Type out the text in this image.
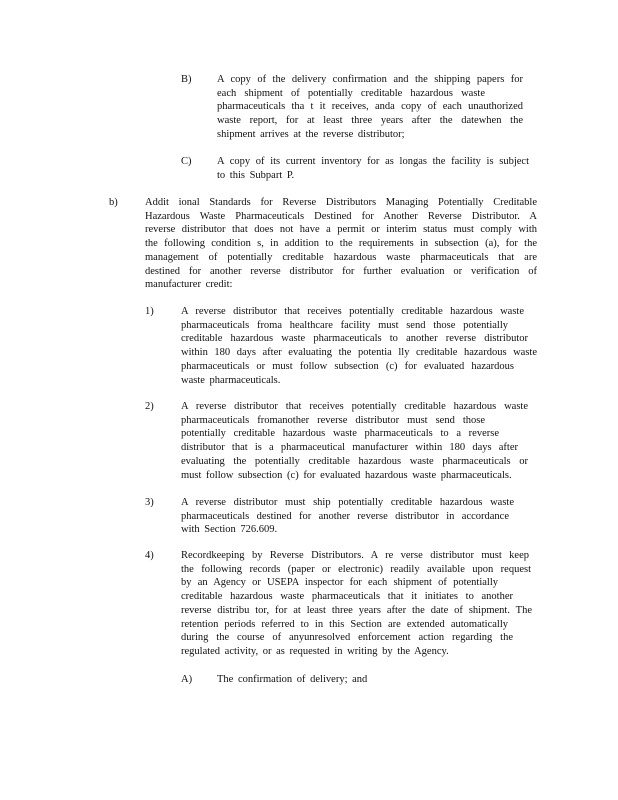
B) A copy of the delivery confirmation and the shipping papers for
each shipment of potentially creditable hazardous waste
pharmaceuticals tha t it receives, anda copy of each unauthorized
waste report, for at least three years after the datewhen the
shipment arrives at the reverse distributor;
C) A copy of its current inventory for as longas the facility is subject
to this Subpart P.
b)	Addit ional Standards for Reverse Distributors Managing Potentially Creditable
Hazardous Waste Pharmaceuticals Destined for Another Reverse Distributor. A
reverse distributor that does not have a permit or interim status must comply with
the following condition s, in addition to the requirements in subsection (a), for the
management of potentially creditable hazardous waste pharmaceuticals that are
destined for another reverse distributor for further evaluation or verification of
manufacturer credit:
1)	A reverse distributor that receives potentially creditable hazardous waste
pharmaceuticals froma healthcare facility must send those potentially
creditable hazardous waste pharmaceuticals to another reverse distributor
within 180 days after evaluating the potentia lly creditable hazardous waste
pharmaceuticals or must follow subsection (c) for evaluated hazardous
waste pharmaceuticals.
2)	A reverse distributor that receives potentially creditable hazardous waste
pharmaceuticals fromanother reverse distributor must send those
potentially creditable hazardous waste pharmaceuticals to a reverse
distributor that is a pharmaceutical manufacturer within 180 days after
evaluating the potentially creditable hazardous waste pharmaceuticals or
must follow subsection (c) for evaluated hazardous waste pharmaceuticals.
3)	A reverse distributor must ship potentially creditable hazardous waste
pharmaceuticals destined for another reverse distributor in accordance
with Section 726.609.
4)	Recordkeeping by Reverse Distributors. A re verse distributor must keep
the following records (paper or electronic) readily available upon request
by an Agency or USEPA inspector for each shipment of potentially
creditable hazardous waste pharmaceuticals that it initiates to another
reverse distribu tor, for at least three years after the date of shipment. The
retention periods referred to in this Section are extended automatically
during the course of anyunresolved enforcement action regarding the
regulated activity, or as requested in writing by the Agency.
A) The confirmation of delivery; and
